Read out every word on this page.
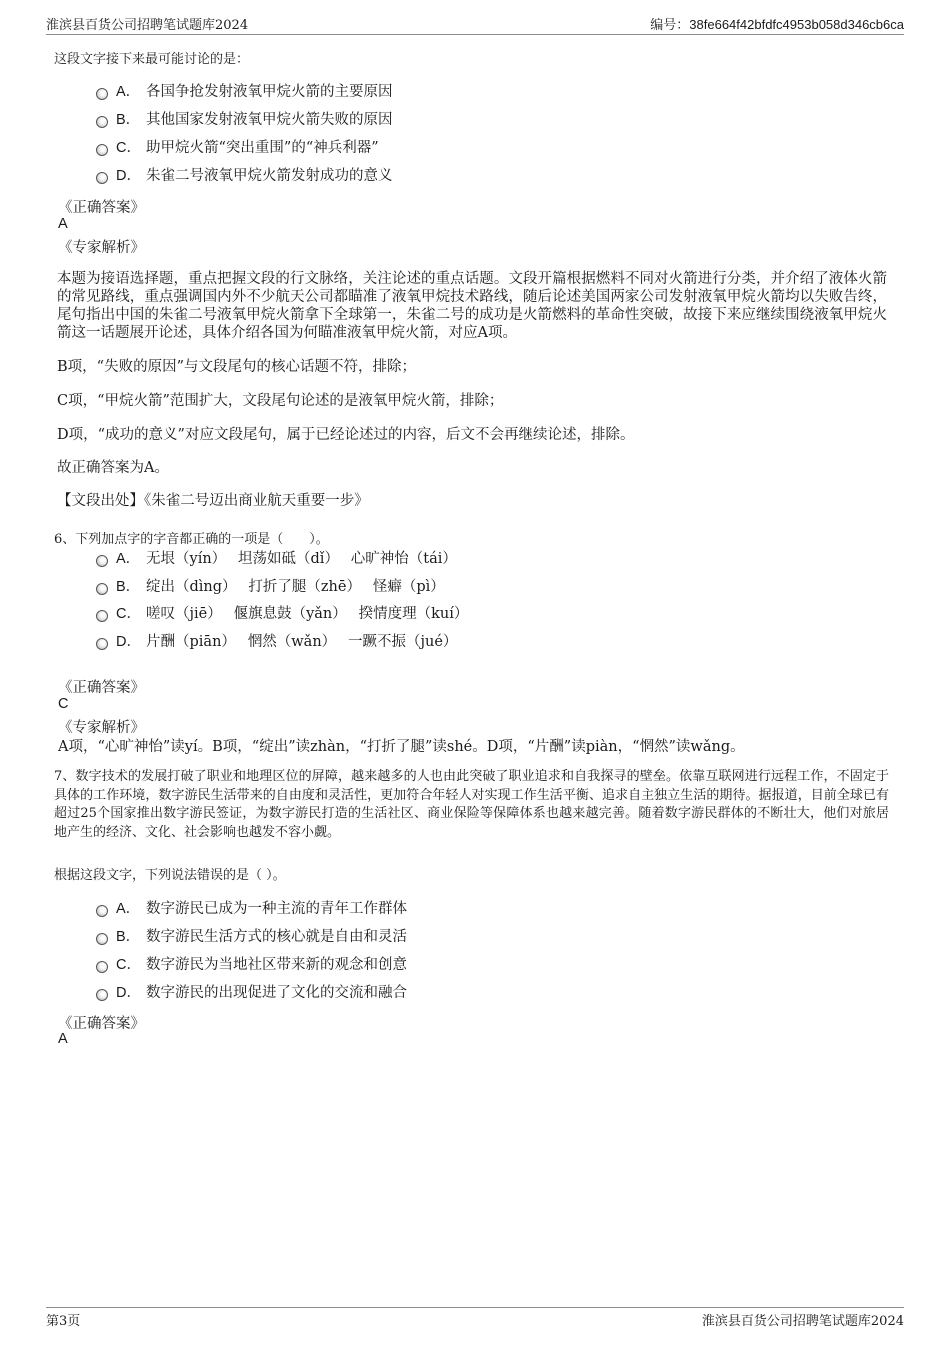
淮滨县百货公司招聘笔试题库2024	编号：38fe664f42bfdfc4953b058d346cb6ca
这段文字接下来最可能讨论的是：
A． 各国争抢发射液氧甲烷火箭的主要原因
B． 其他国家发射液氧甲烷火箭失败的原因
C． 助甲烷火箭“突出重围”的“神兵利器”
D． 朱雀二号液氧甲烷火箭发射成功的意义
《正确答案》
A
《专家解析》
本题为接语选择题，重点把握文段的行文脉络，关注论述的重点话题。文段开篇根据燃料不同对火箭进行分类，并介绍了液体火箭的常见路线，重点强调国内外不少航天公司都瞄准了液氧甲烷技术路线，随后论述美国两家公司发射液氧甲烷火箭均以失败告终，尾句指出中国的朱雀二号液氧甲烷火箭拿下全球第一，朱雀二号的成功是火箭燃料的革命性突破，故接下来应继续围绕液氧甲烷火箭这一话题展开论述，具体介绍各国为何瞄准液氧甲烷火箭，对应A项。
B项，“失败的原因”与文段尾句的核心话题不符，排除；
C项，“甲烷火箭”范围扩大，文段尾句论述的是液氧甲烷火箭，排除；
D项，“成功的意义”对应文段尾句，属于已经论述过的内容，后文不会再继续论述，排除。
故正确答案为A。
【文段出处】《朱雀二号迈出商业航天重要一步》
6、下列加点字的字音都正确的一项是（　　）。
A． 无垠（yín）　 坦荡如砥（dǐ）　 心旷神怡（tái）
B． 绽出（dìng）　 打折了腿（zhē）　 怪癖（pì）
C． 嗟叹（jiē）　 偃旗息鼓（yǎn）　 揆情度理（kuí）
D． 片酬（piān）　 惘然（wǎn）　 一蹶不振（jué）
《正确答案》
C
《专家解析》
A项，“心旷神怡”读yí。B项，“绽出”读zhàn，“打折了腿”读shé。D项，“片酬”读piàn，“惘然”读wǎng。
7、数字技术的发展打破了职业和地理区位的屏障，越来越多的人也由此突破了职业追求和自我探寻的壁垒。依靠互联网进行远程工作，不固定于具体的工作环境，数字游民生活带来的自由度和灵活性，更加符合年轻人对实现工作生活平衡、追求自主独立生活的期待。据报道，目前全球已有超过25个国家推出数字游民签证，为数字游民打造的生活社区、商业保险等保障体系也越来越完善。随着数字游民群体的不断壮大，他们对旅居地产生的经济、文化、社会影响也越发不容小觑。
根据这段文字，下列说法错误的是（ ）。
A． 数字游民已成为一种主流的青年工作群体
B． 数字游民生活方式的核心就是自由和灵活
C． 数字游民为当地社区带来新的观念和创意
D． 数字游民的出现促进了文化的交流和融合
《正确答案》
A
第3页	淮滨县百货公司招聘笔试题库2024
